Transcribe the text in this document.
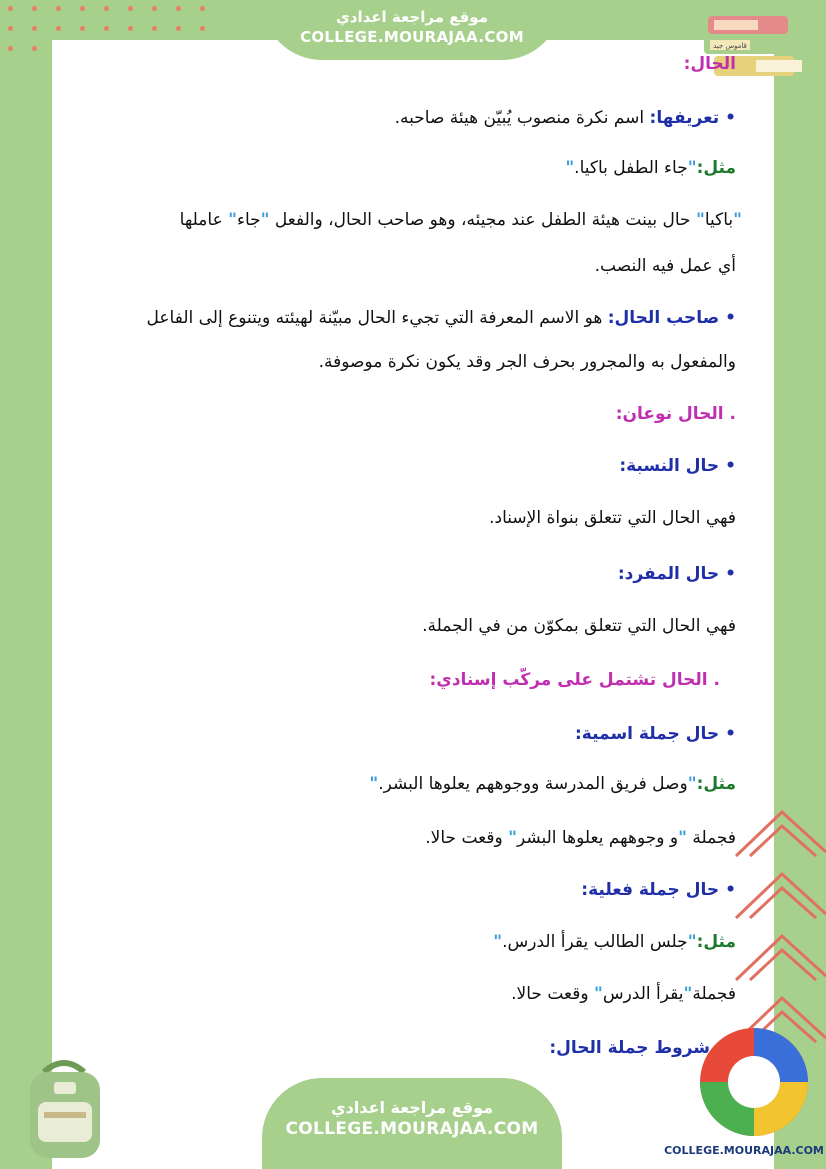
موقع مراجعة اعدادي
COLLEGE.MOURAJAA.COM	قاموس جيد
الحال:
•تعريفها: اسم نكرة منصوب يُبيّن هيئة صاحبه.
مثل:"جاء الطفل باكيا."
"باكيا" حال بينت هيئة الطفل عند مجيئه، وهو صاحب الحال، والفعل "جاء" عاملها
أي عمل فيه النصب.
•صاحب الحال: هو الاسم المعرفة التي تجيء الحال مبيّنة لهيئته ويتنوع إلى الفاعل
والمفعول به والمجرور بحرف الجر وقد يكون نكرة موصوفة.
. الحال نوعان:
•حال النسبة:
فهي الحال التي تتعلق بنواة الإسناد.
•حال المفرد:
فهي الحال التي تتعلق بمكوّن من في الجملة.
. الحال تشتمل على مركّب إسنادي:
•حال جملة اسمية:
مثل:"وصل فريق المدرسة ووجوههم يعلوها البشر."
فجملة "و وجوههم يعلوها البشر" وقعت حالا.
•حال جملة فعلية:
مثل:"جلس الطالب يقرأ الدرس."
فجملة"يقرأ الدرس" وقعت حالا.
شروط جملة الحال:
موقع مراجعة اعدادي
COLLEGE.MOURAJAA.COM
COLLEGE.MOURAJAA.COM
